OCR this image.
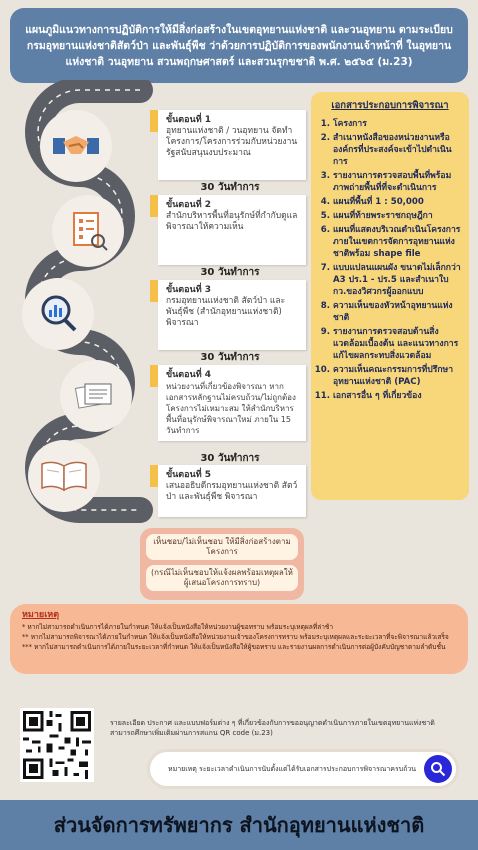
แผนภูมิแนวทางการปฏิบัติการให้มีสิ่งก่อสร้างในเขตอุทยานแห่งชาติ และวนอุทยาน ตามระเบียบกรมอุทยานแห่งชาติสัตว์ป่า และพันธุ์พืช ว่าด้วยการปฏิบัติการของพนักงานเจ้าหน้าที่ ในอุทยานแห่งชาติ วนอุทยาน สวนพฤกษศาสตร์ และสวนรุกขชาติ พ.ศ. ๒๕๖๕ (ม.23)
ขั้นตอนที่ 1
อุทยานแห่งชาติ / วนอุทยาน จัดทำโครงการ/โครงการร่วมกับหน่วยงานรัฐสนับสนุนงบประมาณ
30 วันทำการ
ขั้นตอนที่ 2
สำนักบริหารพื้นที่อนุรักษ์ที่กำกับดูแล พิจารณาให้ความเห็น
30 วันทำการ
ขั้นตอนที่ 3
กรมอุทยานแห่งชาติ สัตว์ป่า และพันธุ์พืช (สำนักอุทยานแห่งชาติ) พิจารณา
30 วันทำการ
ขั้นตอนที่ 4
หน่วยงานที่เกี่ยวข้องพิจารณา หากเอกสารหลักฐานไม่ครบถ้วน/ไม่ถูกต้อง โครงการไม่เหมาะสม ให้สำนักบริหารพื้นที่อนุรักษ์พิจารณาใหม่ ภายใน 15 วันทำการ
30 วันทำการ
ขั้นตอนที่ 5
เสนออธิบดีกรมอุทยานแห่งชาติ สัตว์ป่า และพันธุ์พืช พิจารณา
เอกสารประกอบการพิจารณา
1. โครงการ
2. สำเนาหนังสือของหน่วยงานหรือองค์กรที่ประสงค์จะเข้าไปดำเนินการ
3. รายงานการตรวจสอบพื้นที่พร้อมภาพถ่ายพื้นที่ที่จะดำเนินการ
4. แผนที่พื้นที่ 1 : 50,000
5. แผนที่ท้ายพระราชกฤษฎีกา
6. แผนที่แสดงบริเวณดำเนินโครงการภายในเขตการจัดการอุทยานแห่งชาติพร้อม shape file
7. แบบแปลนแผนผัง ขนาดไม่เล็กกว่า A3 ปร.1 - ปร.5 และสำเนาใบ กว.ของวิศวกรผู้ออกแบบ
8. ความเห็นของหัวหน้าอุทยานแห่งชาติ
9. รายงานการตรวจสอบด้านสิ่งแวดล้อมเบื้องต้น และแนวทางการแก้ไขผลกระทบสิ่งแวดล้อม
10. ความเห็นคณะกรรมการที่ปรึกษาอุทยานแห่งชาติ (PAC)
11. เอกสารอื่น ๆ ที่เกี่ยวข้อง
เห็นชอบ/ไม่เห็นชอบ ให้มีสิ่งก่อสร้างตามโครงการ
(กรณีไม่เห็นชอบให้แจ้งผลพร้อมเหตุผลให้ผู้เสนอโครงการทราบ)
หมายเหตุ
* หากไม่สามารถดำเนินการได้ภายในกำหนด ให้แจ้งเป็นหนังสือให้หน่วยงานผู้ขอทราบ พร้อมระบุเหตุผลที่ล่าช้า
** หากไม่สามารถพิจารณาได้ภายในกำหนด ให้แจ้งเป็นหนังสือให้หน่วยงานเจ้าของโครงการทราบ พร้อมระบุเหตุผลและระยะเวลาที่จะพิจารณาแล้วเสร็จ
*** หากไม่สามารถดำเนินการได้ภายในระยะเวลาที่กำหนด ให้แจ้งเป็นหนังสือให้ผู้ขอทราบ และรายงานผลการดำเนินการต่อผู้บังคับบัญชาตามลำดับชั้น
รายละเอียด ประกาศ และแบบฟอร์มต่าง ๆ ที่เกี่ยวข้องกับการขออนุญาตดำเนินการภายในเขตอุทยานแห่งชาติ สามารถศึกษาเพิ่มเติมผ่านการสแกน QR code (ม.23)
หมายเหตุ ระยะเวลาดำเนินการนับตั้งแต่ได้รับเอกสารประกอบการพิจารณาครบถ้วน
ส่วนจัดการทรัพยากร สำนักอุทยานแห่งชาติ
